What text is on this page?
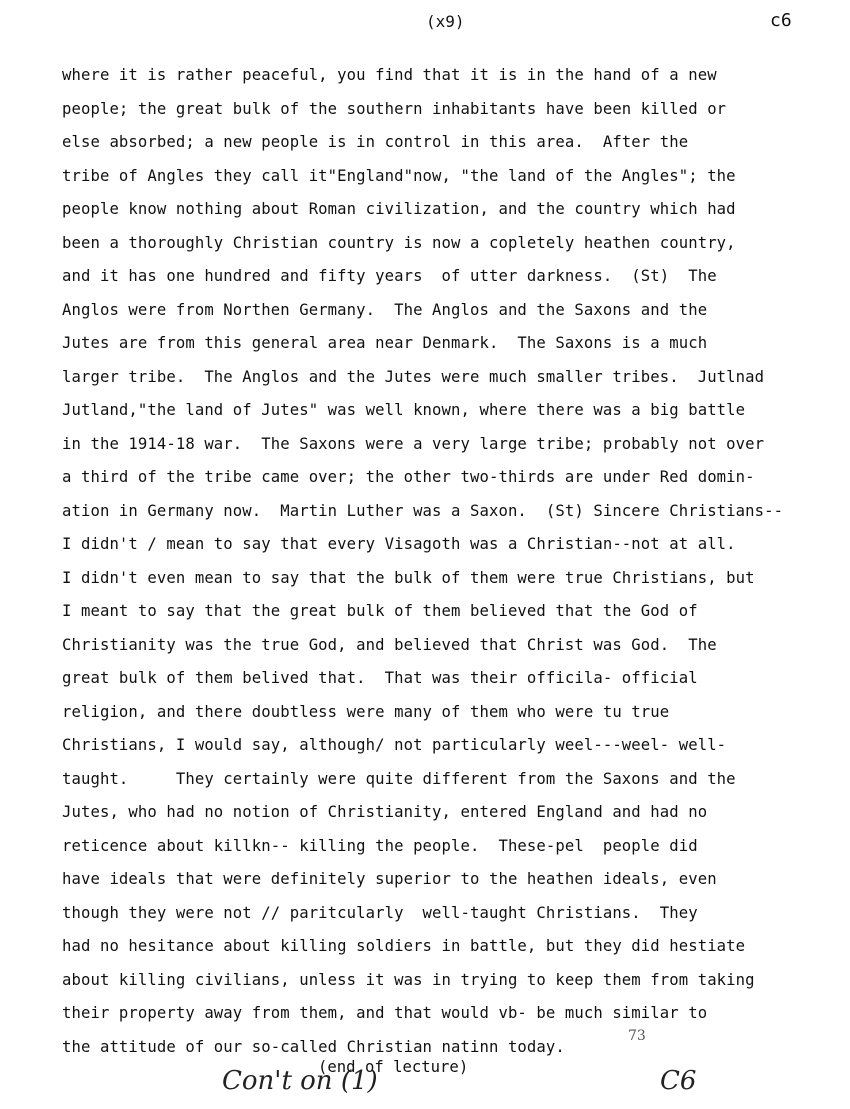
(x9)	c6
where it is rather peaceful, you find that it is in the hand of a new
people; the great bulk of the southern inhabitants have been killed or
else absorbed; a new people is in control in this area.  After the
tribe of Angles they call it"England"now, "the land of the Angles"; the
people know nothing about Roman civilization, and the country which had
been a thoroughly Christian country is now a copletely heathen country,
and it has one hundred and fifty years  of utter darkness.  (St)  The
Anglos were from Northen Germany.  The Anglos and the Saxons and the
Jutes are from this general area near Denmark.  The Saxons is a much
larger tribe.  The Anglos and the Jutes were much smaller tribes.  Jutlnad
Jutland,"the land of Jutes" was well known, where there was a big battle
in the 1914-18 war.  The Saxons were a very large tribe; probably not over
a third of the tribe came over; the other two-thirds are under Red domin-
ation in Germany now.  Martin Luther was a Saxon.  (St) Sincere Christians--
I didn't / mean to say that every Visagoth was a Christian--not at all.
I didn't even mean to say that the bulk of them were true Christians, but
I meant to say that the great bulk of them believed that the God of
Christianity was the true God, and believed that Christ was God.  The
great bulk of them belived that.  That was their officila- official
religion, and there doubtless were many of them who were tu true
Christians, I would say, although/ not particularly weel---weel- well-
taught.     They certainly were quite different from the Saxons and the
Jutes, who had no notion of Christianity, entered England and had no
reticence about killkn-- killing the people.  These-pel  people did
have ideals that were definitely superior to the heathen ideals, even
though they were not // paritcularly  well-taught Christians.  They
had no hesitance about killing soldiers in battle, but they did hestiate
about killing civilians, unless it was in trying to keep them from taking
their property away from them, and that would vb- be much similar to
the attitude of our so-called Christian natinn today.
73
(end of lecture)
Con't on (1)	C6
